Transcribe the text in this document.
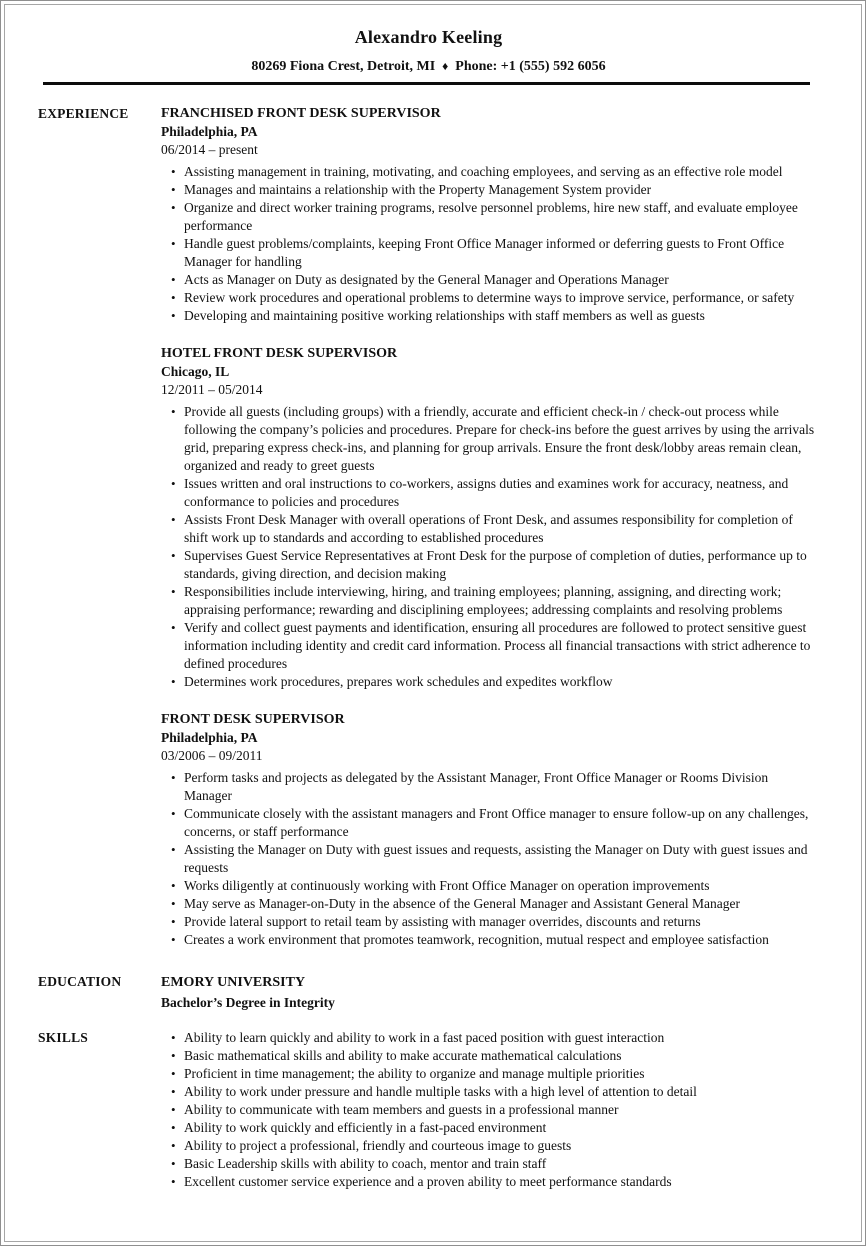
Alexandro Keeling
80269 Fiona Crest, Detroit, MI ♦ Phone: +1 (555) 592 6056
EXPERIENCE	FRANCHISED FRONT DESK SUPERVISOR
Philadelphia, PA
06/2014 – present
• Assisting management in training, motivating, and coaching employees, and serving as an effective role model
• Manages and maintains a relationship with the Property Management System provider
• Organize and direct worker training programs, resolve personnel problems, hire new staff, and evaluate employee performance
• Handle guest problems/complaints, keeping Front Office Manager informed or deferring guests to Front Office Manager for handling
• Acts as Manager on Duty as designated by the General Manager and Operations Manager
• Review work procedures and operational problems to determine ways to improve service, performance, or safety
• Developing and maintaining positive working relationships with staff members as well as guests
HOTEL FRONT DESK SUPERVISOR
Chicago, IL
12/2011 – 05/2014
• Provide all guests (including groups) with a friendly, accurate and efficient check-in / check-out process while following the company’s policies and procedures. Prepare for check-ins before the guest arrives by using the arrivals grid, preparing express check-ins, and planning for group arrivals. Ensure the front desk/lobby areas remain clean, organized and ready to greet guests
• Issues written and oral instructions to co-workers, assigns duties and examines work for accuracy, neatness, and conformance to policies and procedures
• Assists Front Desk Manager with overall operations of Front Desk, and assumes responsibility for completion of shift work up to standards and according to established procedures
• Supervises Guest Service Representatives at Front Desk for the purpose of completion of duties, performance up to standards, giving direction, and decision making
• Responsibilities include interviewing, hiring, and training employees; planning, assigning, and directing work; appraising performance; rewarding and disciplining employees; addressing complaints and resolving problems
• Verify and collect guest payments and identification, ensuring all procedures are followed to protect sensitive guest information including identity and credit card information. Process all financial transactions with strict adherence to defined procedures
• Determines work procedures, prepares work schedules and expedites workflow
FRONT DESK SUPERVISOR
Philadelphia, PA
03/2006 – 09/2011
• Perform tasks and projects as delegated by the Assistant Manager, Front Office Manager or Rooms Division Manager
• Communicate closely with the assistant managers and Front Office manager to ensure follow-up on any challenges, concerns, or staff performance
• Assisting the Manager on Duty with guest issues and requests, assisting the Manager on Duty with guest issues and requests
• Works diligently at continuously working with Front Office Manager on operation improvements
• May serve as Manager-on-Duty in the absence of the General Manager and Assistant General Manager
• Provide lateral support to retail team by assisting with manager overrides, discounts and returns
• Creates a work environment that promotes teamwork, recognition, mutual respect and employee satisfaction
EDUCATION	EMORY UNIVERSITY
Bachelor’s Degree in Integrity
SKILLS	• Ability to learn quickly and ability to work in a fast paced position with guest interaction
• Basic mathematical skills and ability to make accurate mathematical calculations
• Proficient in time management; the ability to organize and manage multiple priorities
• Ability to work under pressure and handle multiple tasks with a high level of attention to detail
• Ability to communicate with team members and guests in a professional manner
• Ability to work quickly and efficiently in a fast-paced environment
• Ability to project a professional, friendly and courteous image to guests
• Basic Leadership skills with ability to coach, mentor and train staff
• Excellent customer service experience and a proven ability to meet performance standards
